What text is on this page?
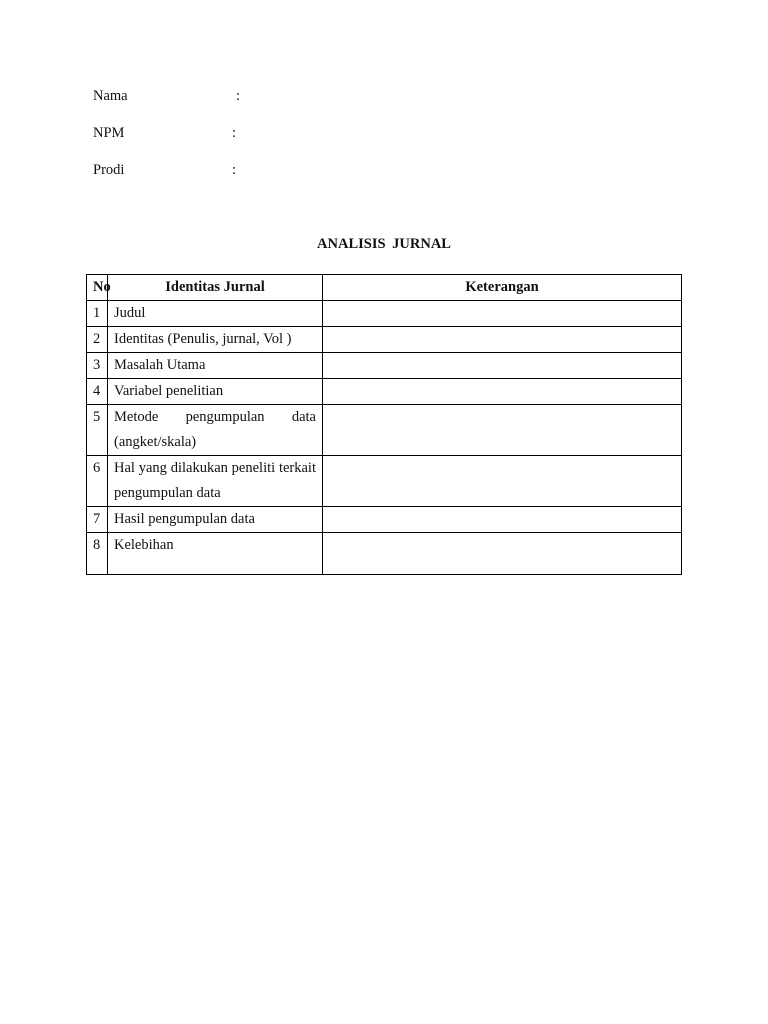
Nama	:
NPM	:
Prodi	:
ANALISIS JURNAL
No	Identitas Jurnal	Keterangan
1	Judul	
2	Identitas (Penulis, jurnal, Vol )	
3	Masalah Utama	
4	Variabel penelitian	
5	Metode pengumpulan data (angket/skala)	
6	Hal yang dilakukan peneliti terkait pengumpulan data	
7	Hasil pengumpulan data	
8	Kelebihan	
